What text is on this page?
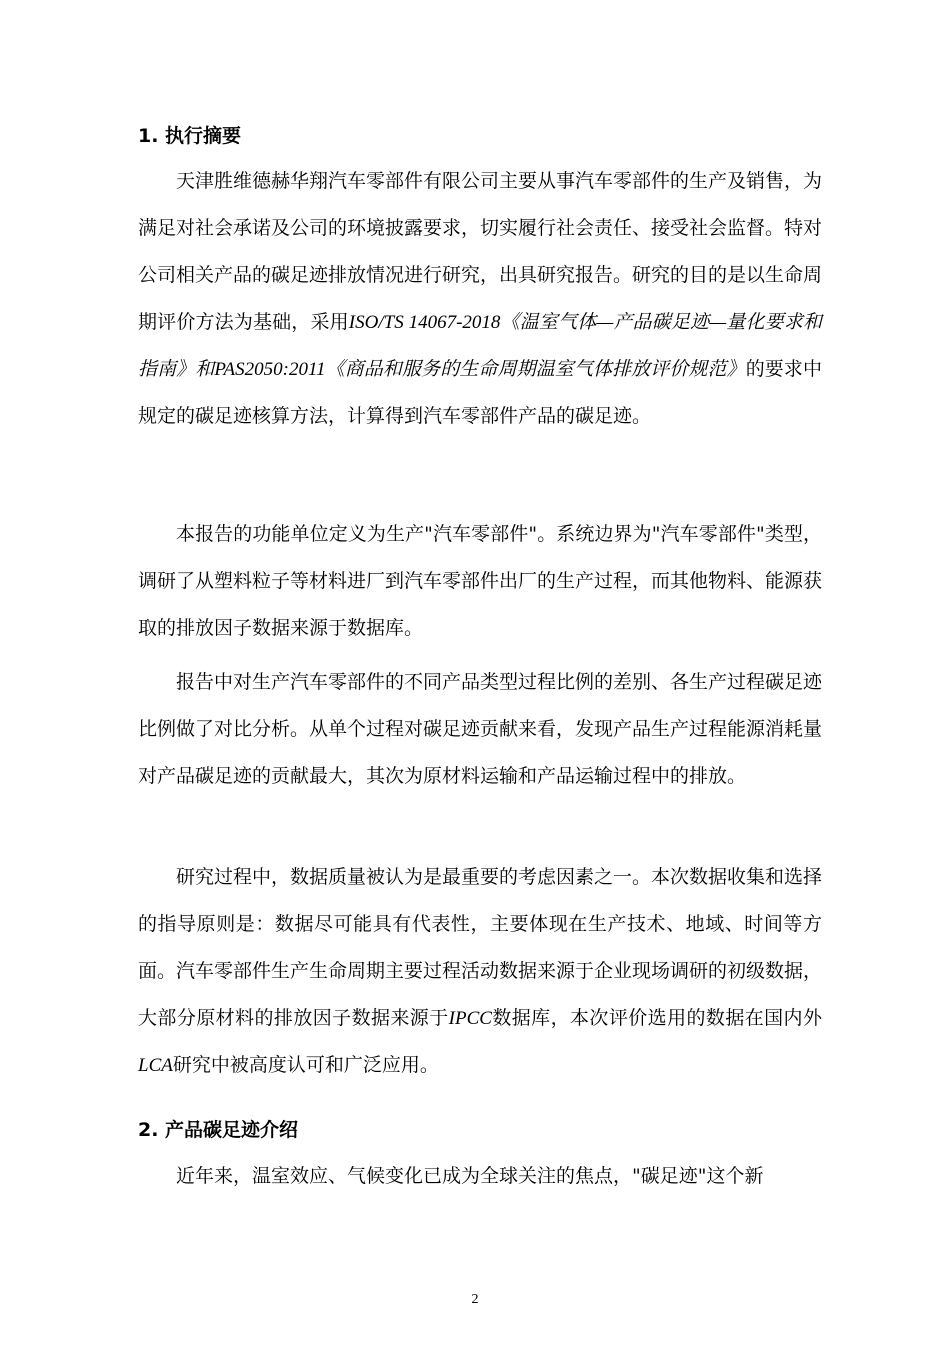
1. 执行摘要

天津胜维德赫华翔汽车零部件有限公司主要从事汽车零部件的生产及销售，为满足对社会承诺及公司的环境披露要求，切实履行社会责任、接受社会监督。特对公司相关产品的碳足迹排放情况进行研究，出具研究报告。研究的目的是以生命周期评价方法为基础，采用ISO/TS 14067-2018《温室气体—产品碳足迹—量化要求和指南》和PAS2050:2011《商品和服务的生命周期温室气体排放评价规范》的要求中规定的碳足迹核算方法，计算得到汽车零部件产品的碳足迹。

本报告的功能单位定义为生产"汽车零部件"。系统边界为"汽车零部件"类型，调研了从塑料粒子等材料进厂到汽车零部件出厂的生产过程，而其他物料、能源获取的排放因子数据来源于数据库。

报告中对生产汽车零部件的不同产品类型过程比例的差别、各生产过程碳足迹比例做了对比分析。从单个过程对碳足迹贡献来看，发现产品生产过程能源消耗量对产品碳足迹的贡献最大，其次为原材料运输和产品运输过程中的排放。

研究过程中，数据质量被认为是最重要的考虑因素之一。本次数据收集和选择的指导原则是：数据尽可能具有代表性，主要体现在生产技术、地域、时间等方面。汽车零部件生产生命周期主要过程活动数据来源于企业现场调研的初级数据，大部分原材料的排放因子数据来源于IPCC数据库，本次评价选用的数据在国内外LCA研究中被高度认可和广泛应用。

2. 产品碳足迹介绍

近年来，温室效应、气候变化已成为全球关注的焦点，"碳足迹"这个新

2
